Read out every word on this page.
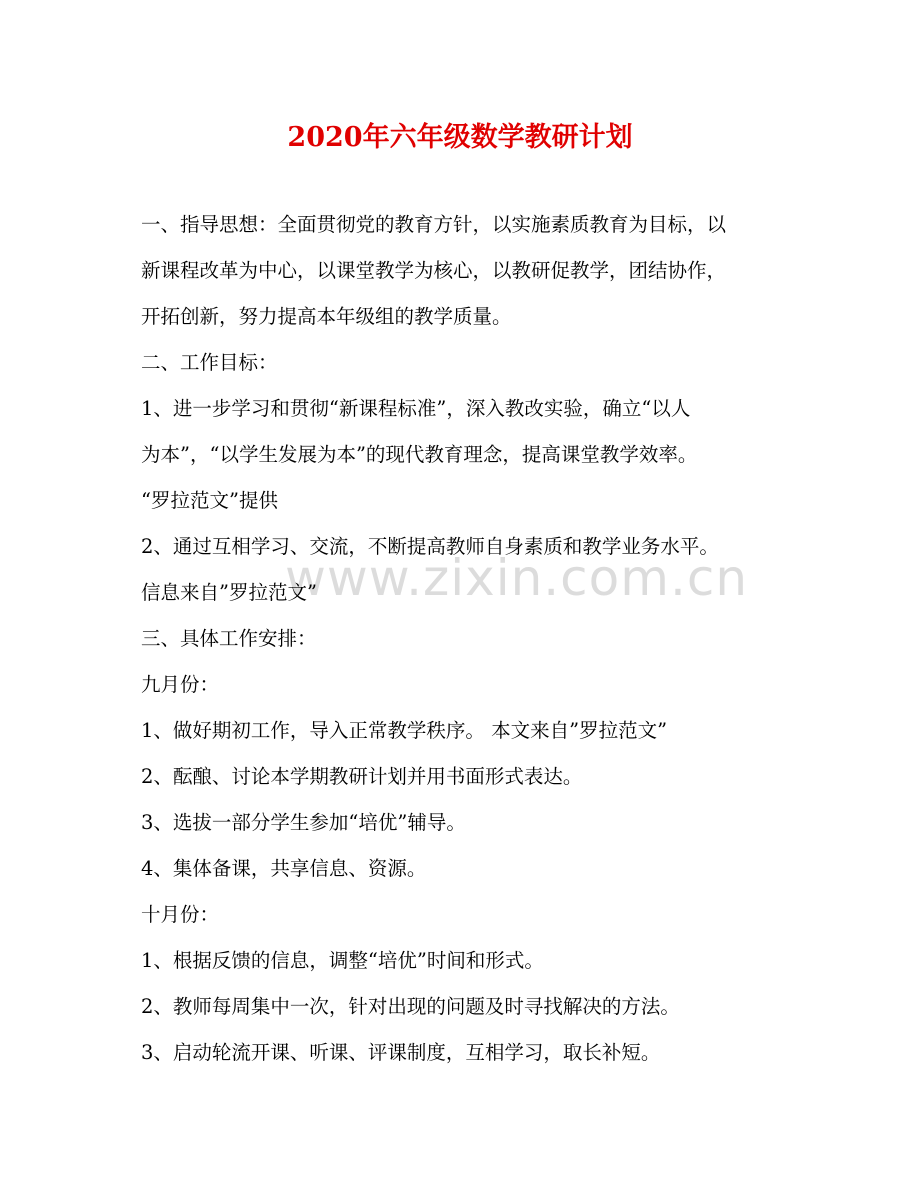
www.zixin.com.cn
2020年六年级数学教研计划
一、指导思想：全面贯彻党的教育方针，以实施素质教育为目标，以
新课程改革为中心，以课堂教学为核心，以教研促教学，团结协作，
开拓创新，努力提高本年级组的教学质量。
二、工作目标：
1、进一步学习和贯彻“新课程标准”，深入教改实验，确立“以人
为本”，“以学生发展为本”的现代教育理念，提高课堂教学效率。
“罗拉范文”提供
2、通过互相学习、交流，不断提高教师自身素质和教学业务水平。
信息来自”罗拉范文”
三、具体工作安排：
九月份：
1、做好期初工作，导入正常教学秩序。 本文来自”罗拉范文”
2、酝酿、讨论本学期教研计划并用书面形式表达。
3、选拔一部分学生参加“培优”辅导。
4、集体备课，共享信息、资源。
十月份：
1、根据反馈的信息，调整“培优”时间和形式。
2、教师每周集中一次，针对出现的问题及时寻找解决的方法。
3、启动轮流开课、听课、评课制度，互相学习，取长补短。
